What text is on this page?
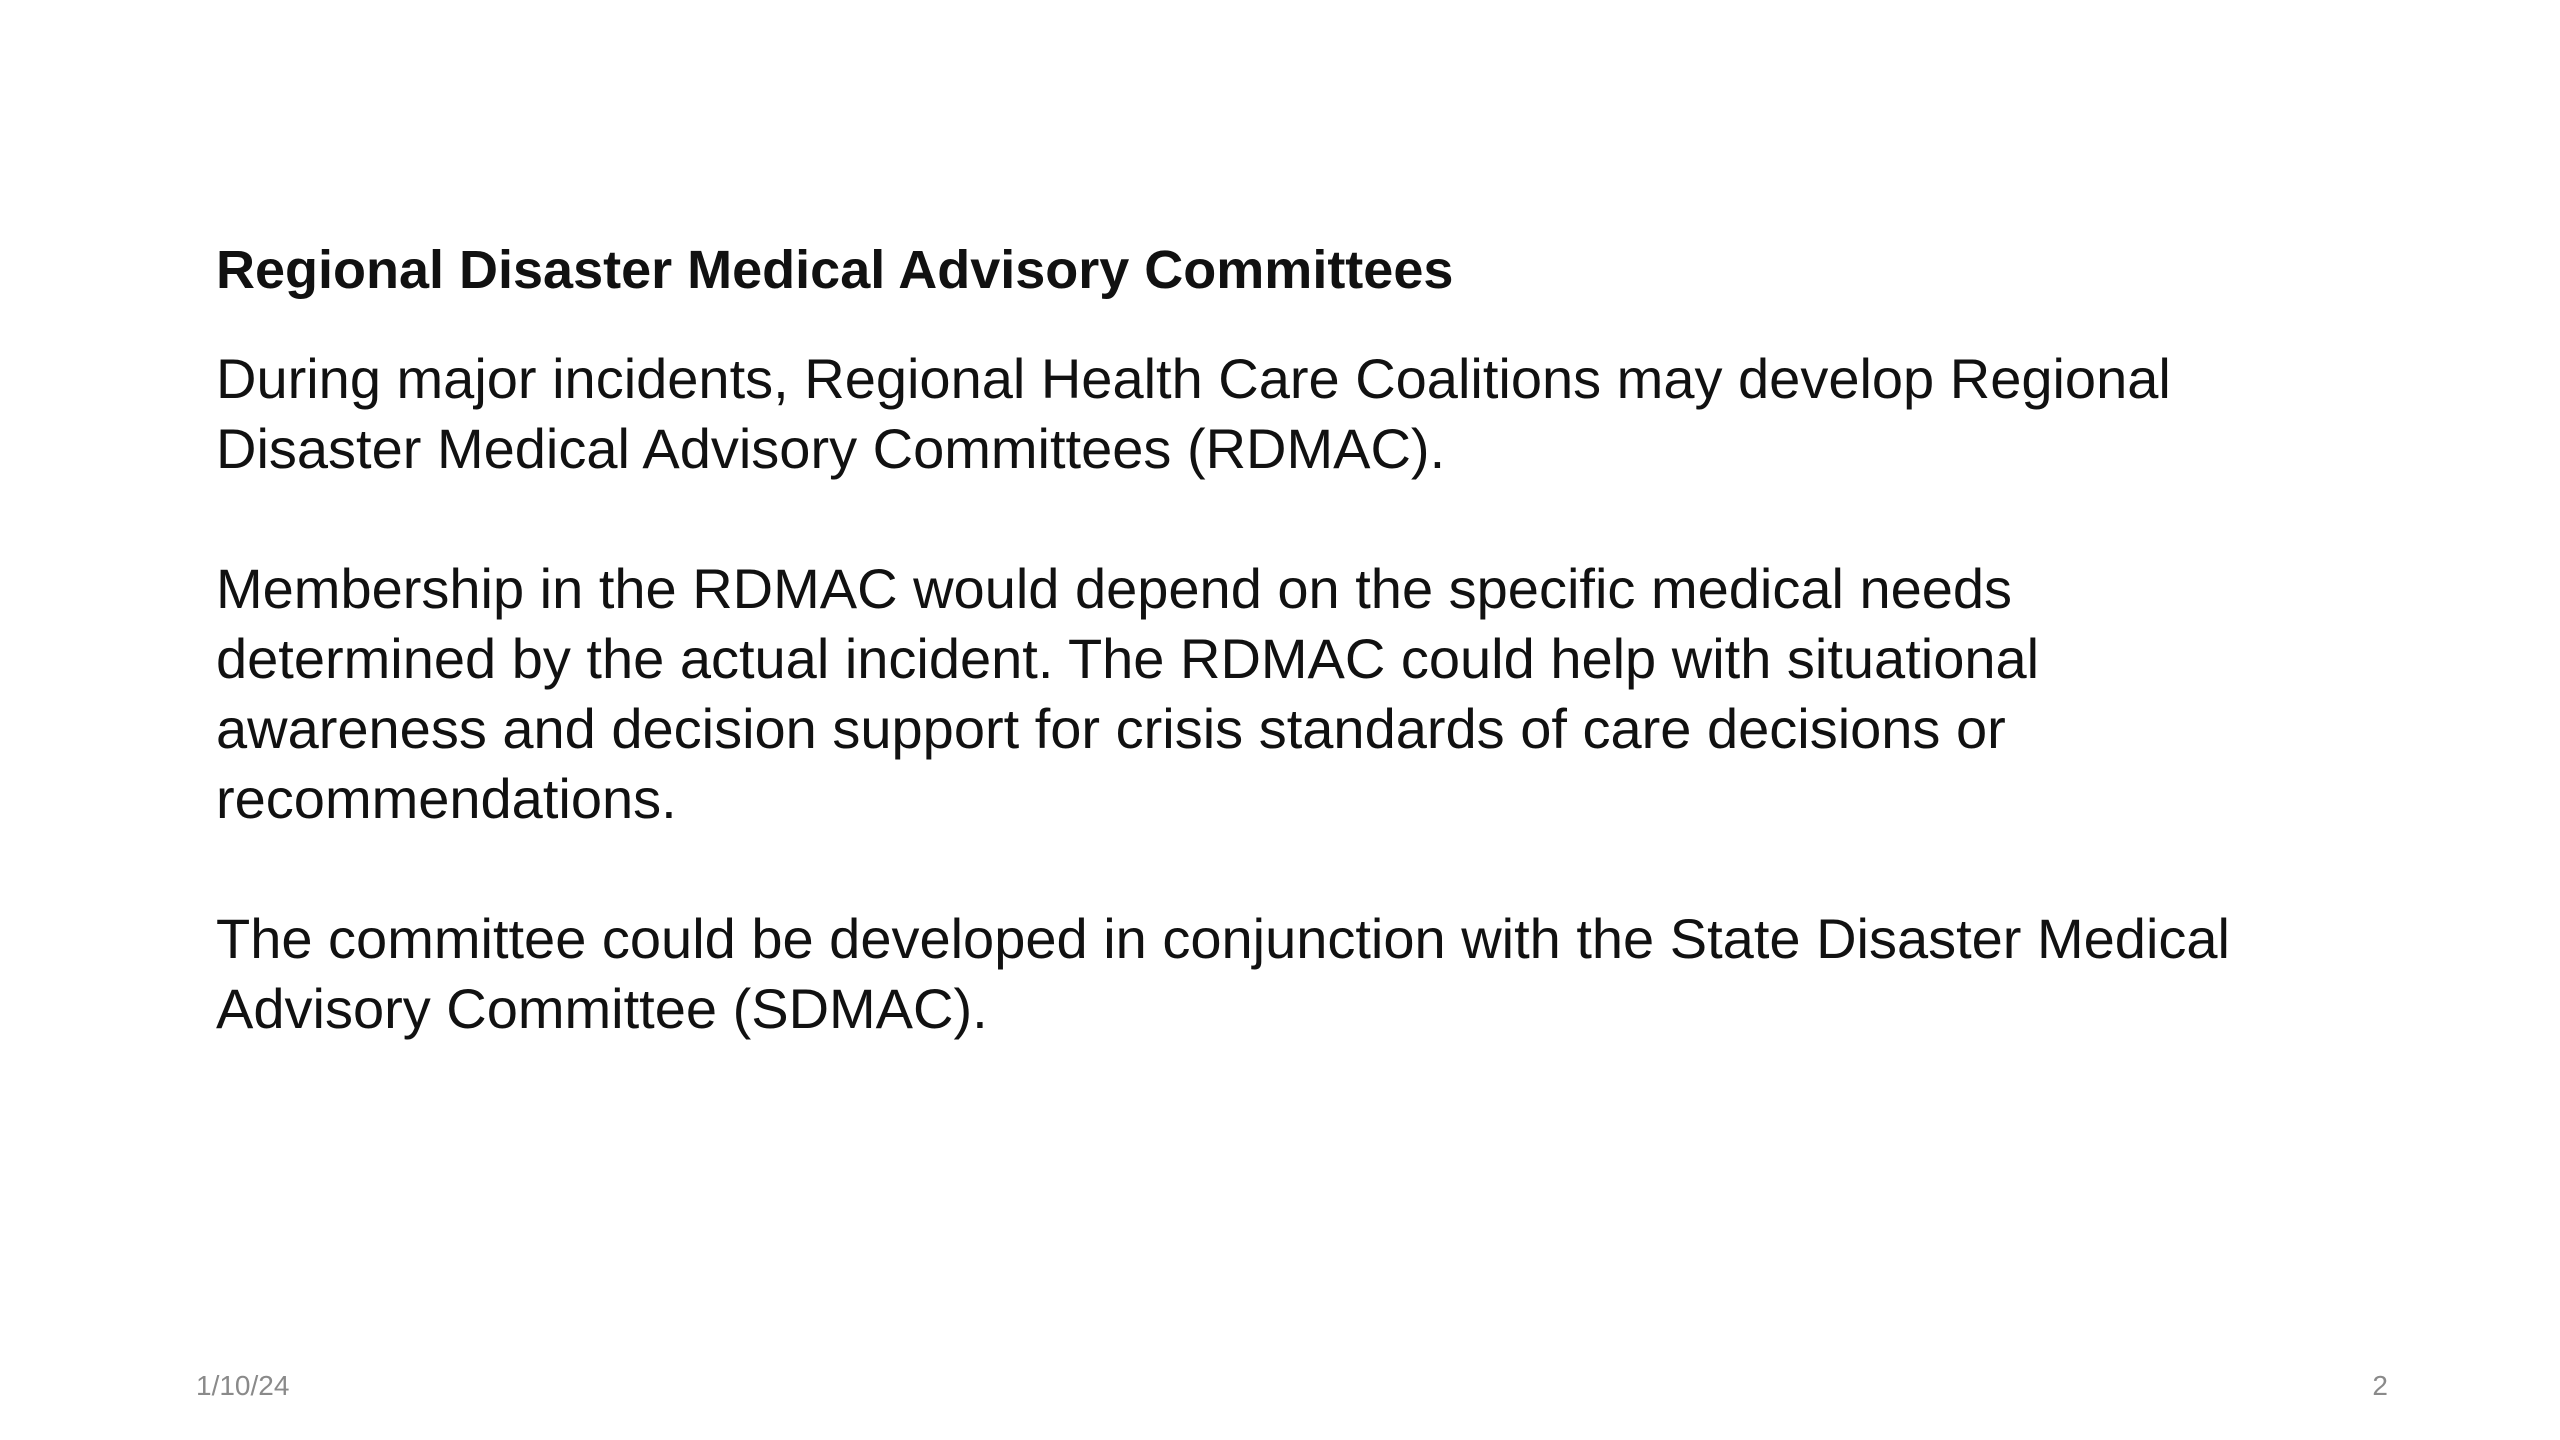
Regional Disaster Medical Advisory Committees

During major incidents, Regional Health Care Coalitions may develop Regional
Disaster Medical Advisory Committees (RDMAC).

Membership in the RDMAC would depend on the specific medical needs
determined by the actual incident. The RDMAC could help with situational
awareness and decision support for crisis standards of care decisions or
recommendations.

The committee could be developed in conjunction with the State Disaster Medical
Advisory Committee (SDMAC).

1/10/24	2
